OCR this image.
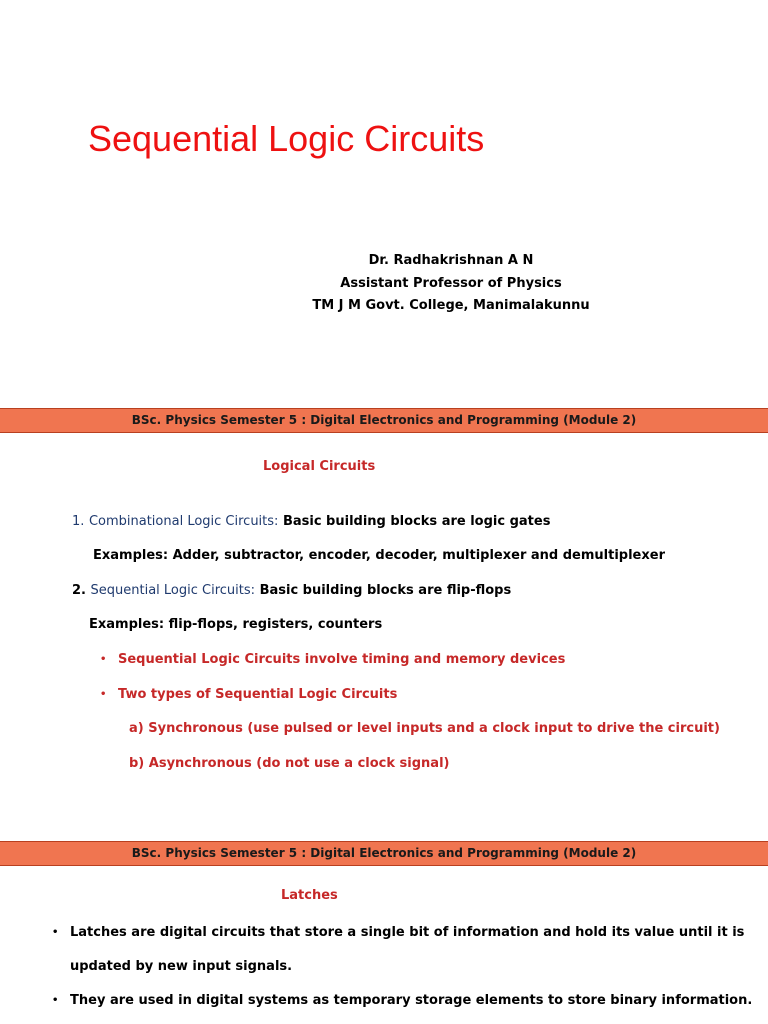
Sequential Logic Circuits
Dr. Radhakrishnan A N
Assistant Professor of Physics
TM J M Govt. College, Manimalakunnu
BSc. Physics Semester 5 : Digital Electronics and Programming (Module 2)
Logical Circuits
1. Combinational Logic Circuits: Basic building blocks are logic gates
Examples: Adder, subtractor, encoder, decoder, multiplexer and demultiplexer
2. Sequential Logic Circuits: Basic building blocks are flip-flops
Examples: flip-flops, registers, counters
• Sequential Logic Circuits involve timing and memory devices
• Two types of Sequential Logic Circuits
a) Synchronous (use pulsed or level inputs and a clock input to drive the circuit)
b) Asynchronous (do not use a clock signal)
BSc. Physics Semester 5 : Digital Electronics and Programming (Module 2)
Latches
• Latches are digital circuits that store a single bit of information and hold its value until it is
updated by new input signals.
• They are used in digital systems as temporary storage elements to store binary information.
